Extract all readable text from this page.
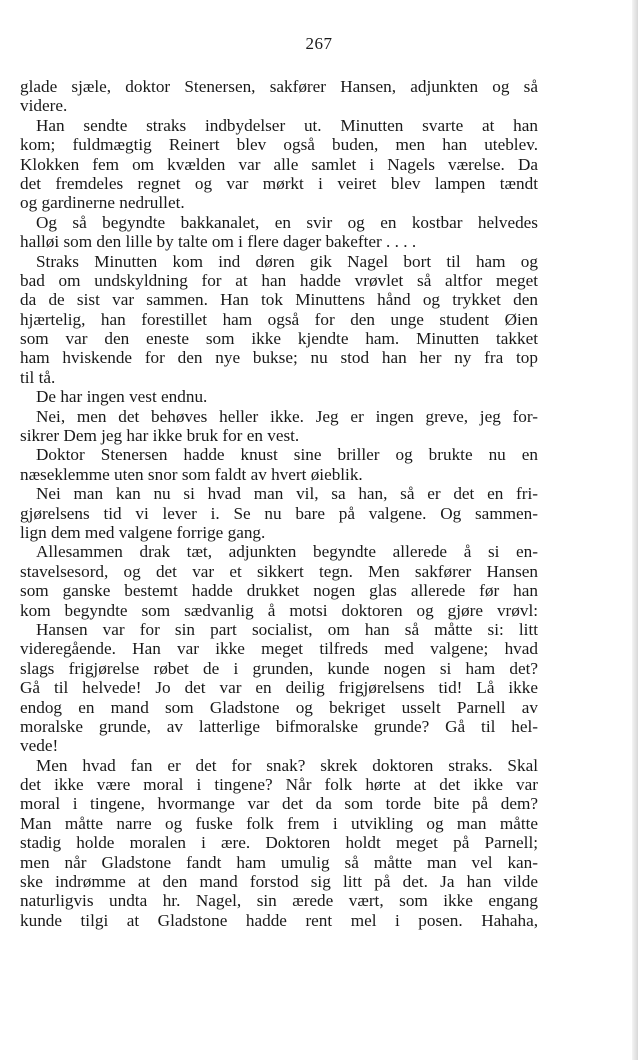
267
glade sjæle, doktor Stenersen, sakfører Hansen, adjunkten og så
videre.
Han sendte straks indbydelser ut. Minutten svarte at han
kom; fuldmægtig Reinert blev også buden, men han uteblev.
Klokken fem om kvælden var alle samlet i Nagels værelse. Da
det fremdeles regnet og var mørkt i veiret blev lampen tændt
og gardinerne nedrullet.
Og så begyndte bakkanalet, en svir og en kostbar helvedes
halløi som den lille by talte om i flere dager bakefter . . . .
Straks Minutten kom ind døren gik Nagel bort til ham og
bad om undskyldning for at han hadde vrøvlet så altfor meget
da de sist var sammen. Han tok Minuttens hånd og trykket den
hjærtelig, han forestillet ham også for den unge student Øien
som var den eneste som ikke kjendte ham. Minutten takket
ham hviskende for den nye bukse; nu stod han her ny fra top
til tå.
De har ingen vest endnu.
Nei, men det behøves heller ikke. Jeg er ingen greve, jeg for-
sikrer Dem jeg har ikke bruk for en vest.
Doktor Stenersen hadde knust sine briller og brukte nu en
næseklemme uten snor som faldt av hvert øieblik.
Nei man kan nu si hvad man vil, sa han, så er det en fri-
gjørelsens tid vi lever i. Se nu bare på valgene. Og sammen-
lign dem med valgene forrige gang.
Allesammen drak tæt, adjunkten begyndte allerede å si en-
stavelsesord, og det var et sikkert tegn. Men sakfører Hansen
som ganske bestemt hadde drukket nogen glas allerede før han
kom begyndte som sædvanlig å motsi doktoren og gjøre vrøvl:
Hansen var for sin part socialist, om han så måtte si: litt
videregående. Han var ikke meget tilfreds med valgene; hvad
slags frigjørelse røbet de i grunden, kunde nogen si ham det?
Gå til helvede! Jo det var en deilig frigjørelsens tid! Lå ikke
endog en mand som Gladstone og bekriget usselt Parnell av
moralske grunde, av latterlige bifmoralske grunde? Gå til hel-
vede!
Men hvad fan er det for snak? skrek doktoren straks. Skal
det ikke være moral i tingene? Når folk hørte at det ikke var
moral i tingene, hvormange var det da som torde bite på dem?
Man måtte narre og fuske folk frem i utvikling og man måtte
stadig holde moralen i ære. Doktoren holdt meget på Parnell;
men når Gladstone fandt ham umulig så måtte man vel kan-
ske indrømme at den mand forstod sig litt på det. Ja han vilde
naturligvis undta hr. Nagel, sin ærede vært, som ikke engang
kunde tilgi at Gladstone hadde rent mel i posen. Hahaha,
